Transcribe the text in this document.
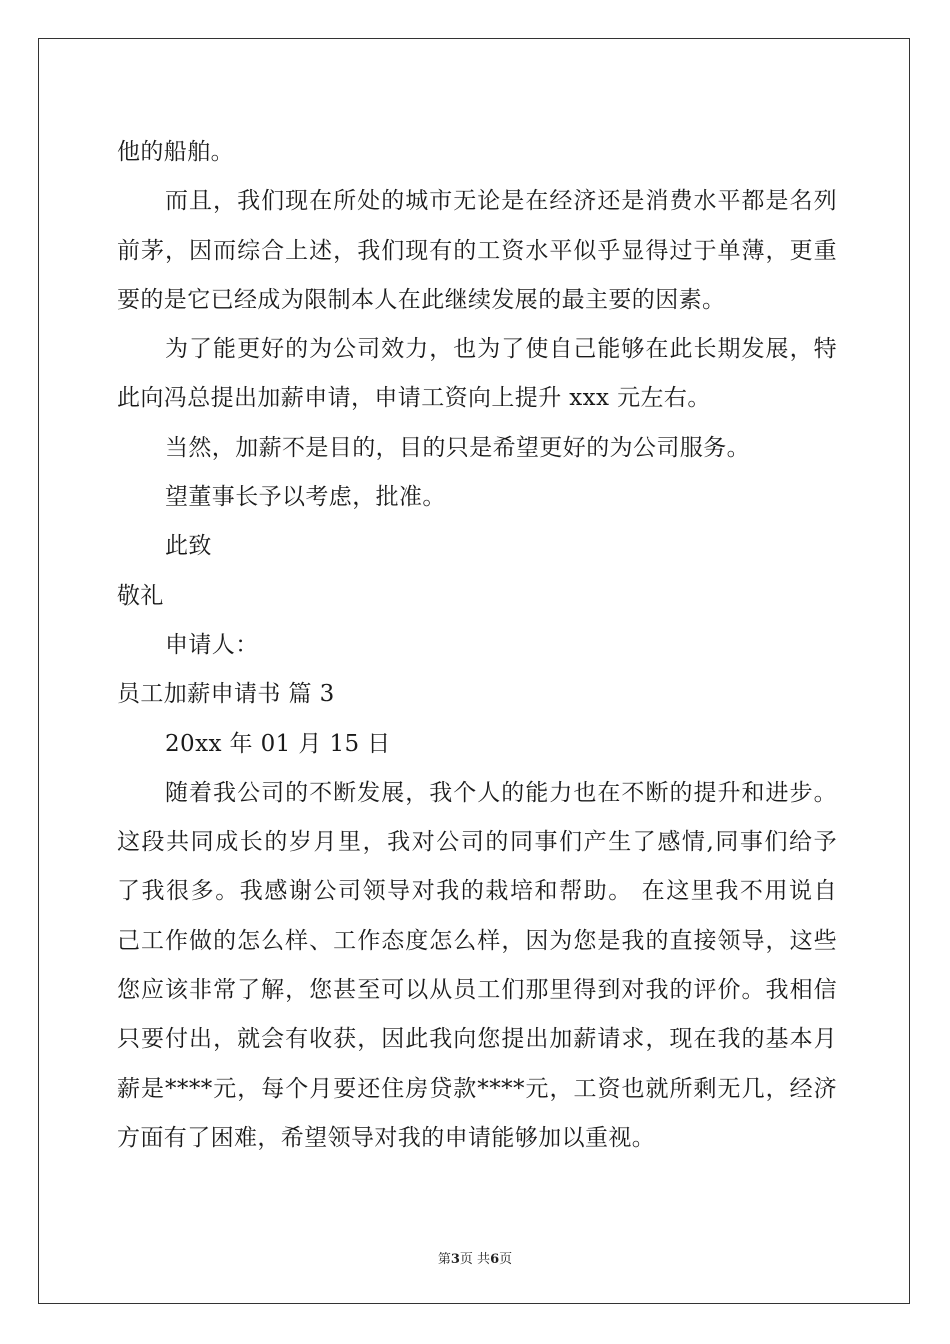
他的船舶。
而且，我们现在所处的城市无论是在经济还是消费水平都是名列
前茅，因而综合上述，我们现有的工资水平似乎显得过于单薄，更重
要的是它已经成为限制本人在此继续发展的最主要的因素。
为了能更好的为公司效力，也为了使自己能够在此长期发展，特
此向冯总提出加薪申请，申请工资向上提升 xxx 元左右。
当然，加薪不是目的，目的只是希望更好的为公司服务。
望董事长予以考虑，批准。
此致
敬礼
申请人：
员工加薪申请书 篇 3
20xx 年 01 月 15 日
随着我公司的不断发展，我个人的能力也在不断的提升和进步。
这段共同成长的岁月里，我对公司的同事们产生了感情,同事们给予
了我很多。我感谢公司领导对我的栽培和帮助。 在这里我不用说自
己工作做的怎么样、工作态度怎么样，因为您是我的直接领导，这些
您应该非常了解，您甚至可以从员工们那里得到对我的评价。我相信
只要付出，就会有收获，因此我向您提出加薪请求，现在我的基本月
薪是****元，每个月要还住房贷款****元，工资也就所剩无几，经济
方面有了困难，希望领导对我的申请能够加以重视。
第3页 共6页
